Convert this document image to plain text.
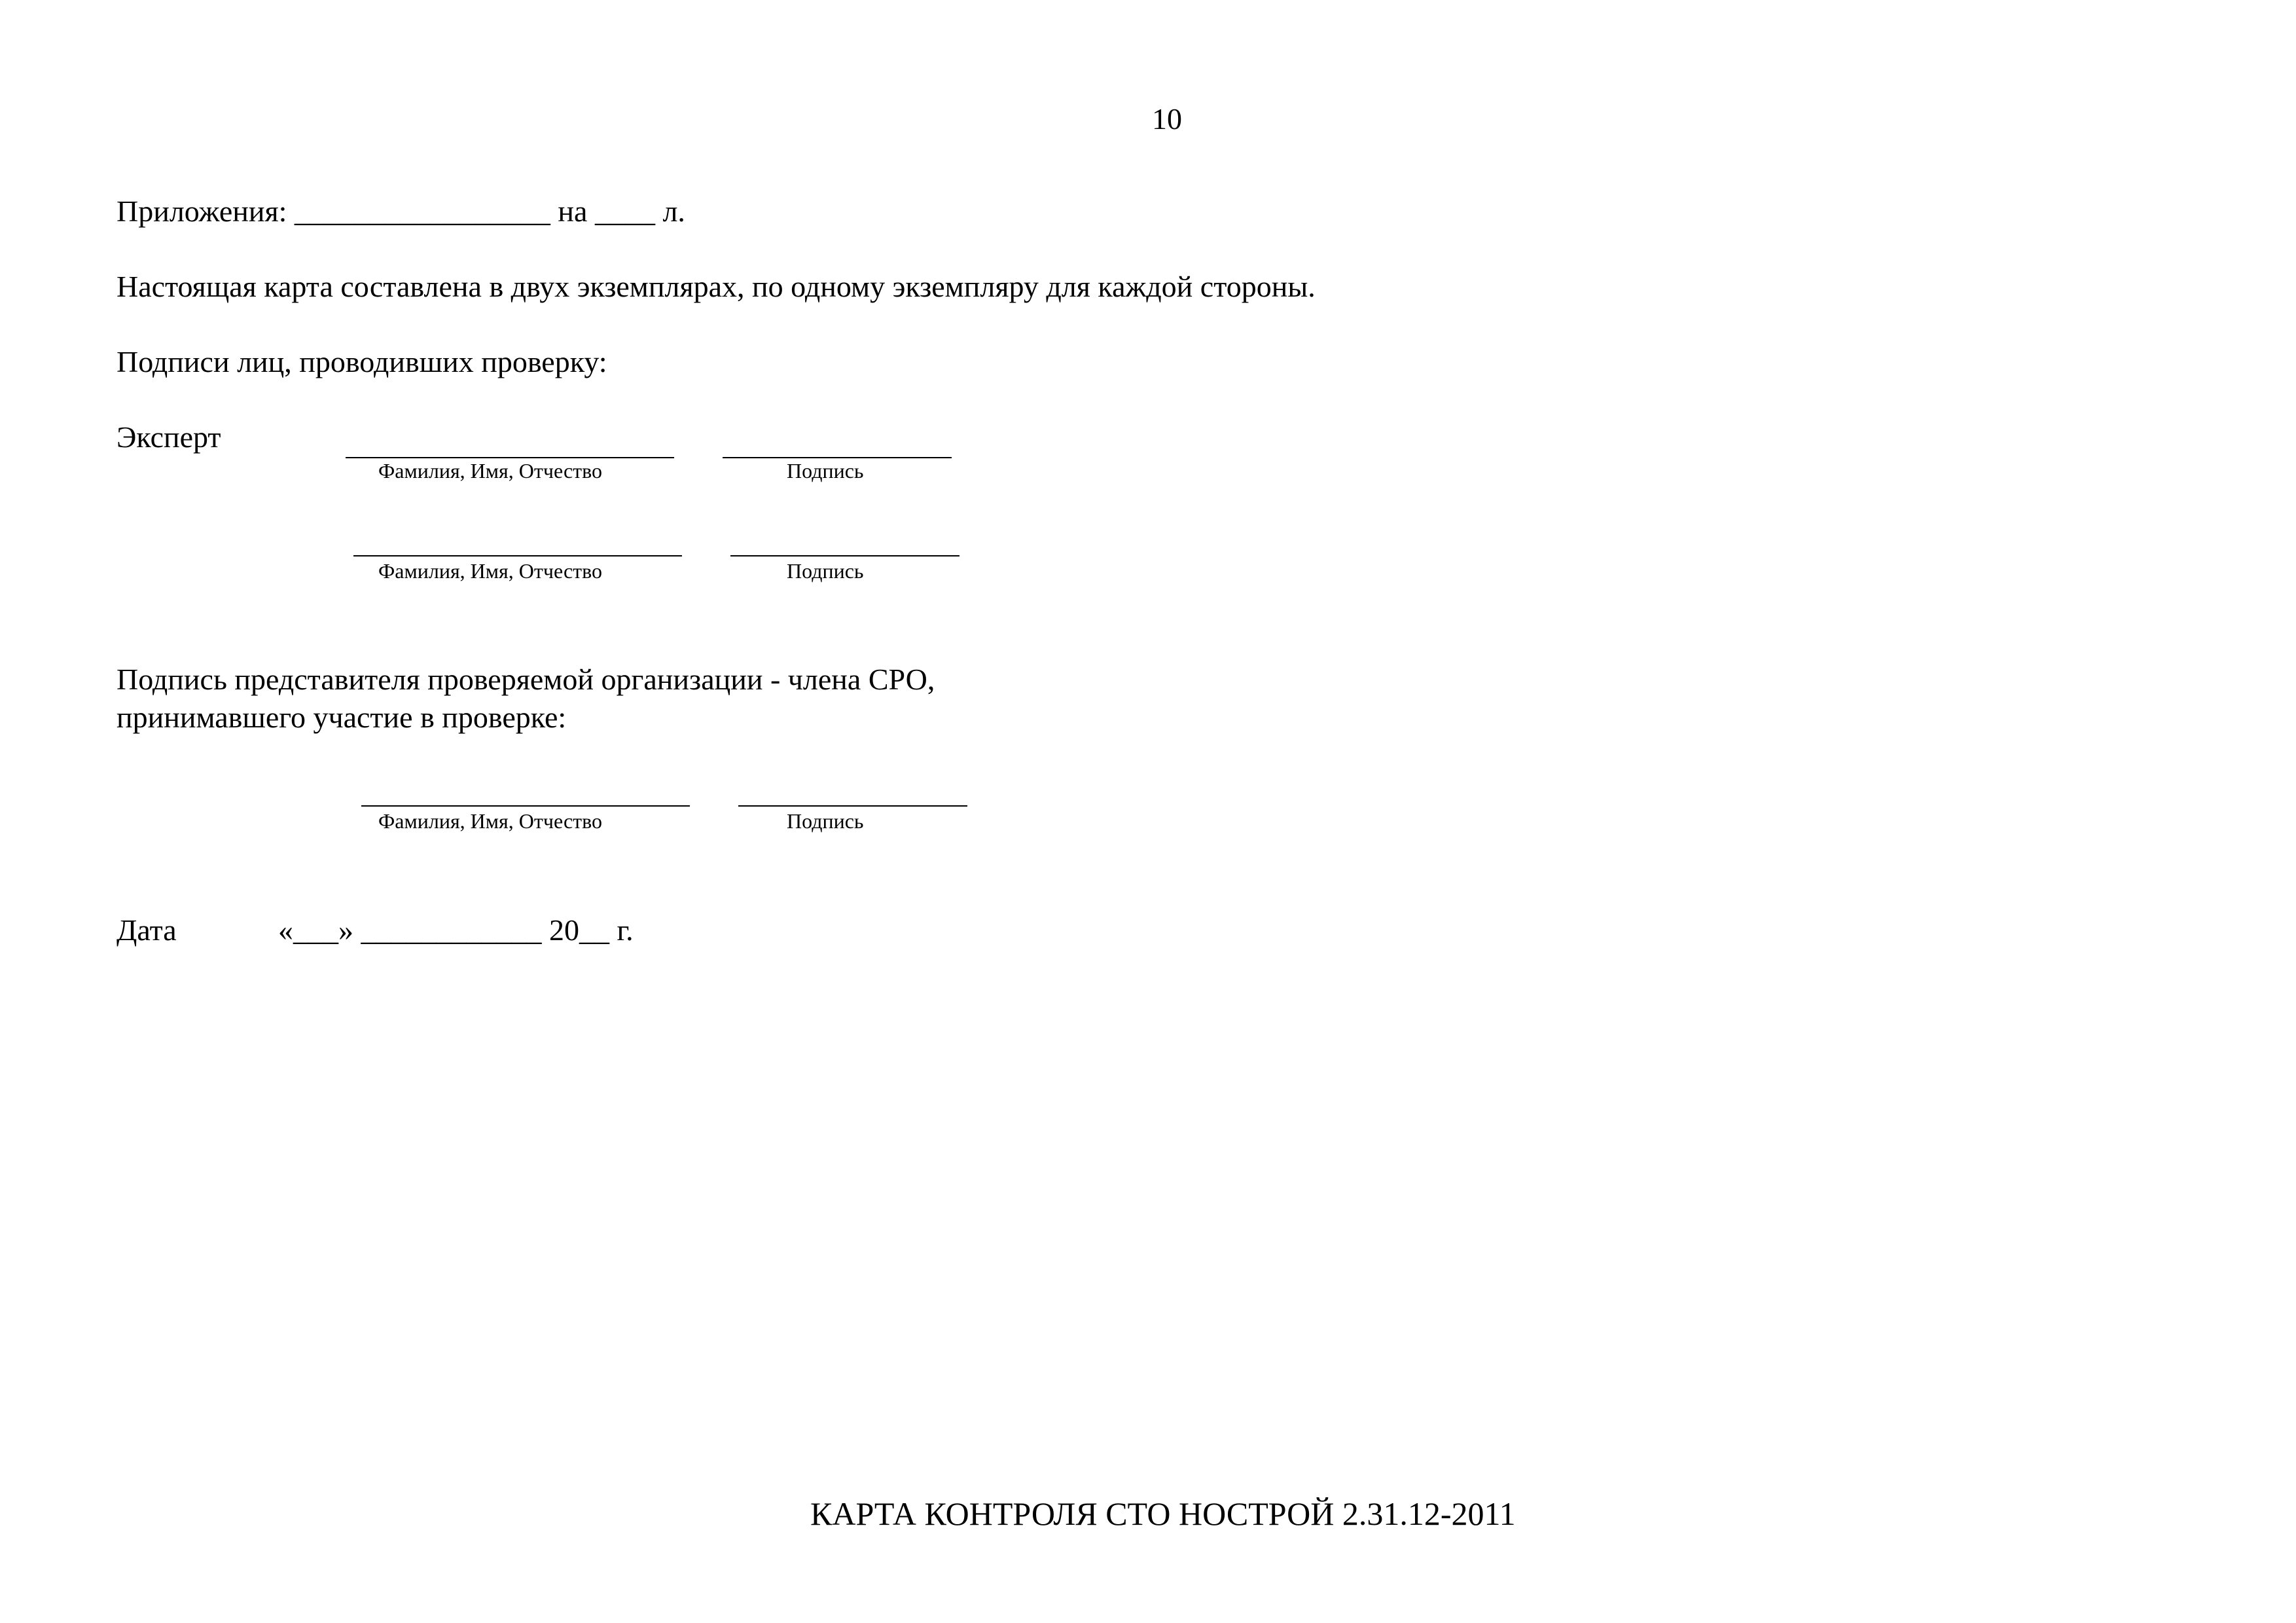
10
Приложения: _________________ на ____ л.
Настоящая карта составлена в двух экземплярах, по одному экземпляру для каждой стороны.
Подписи лиц, проводивших проверку:
Эксперт
Фамилия, Имя, Отчество	Подпись
Фамилия, Имя, Отчество	Подпись
Подпись представителя проверяемой организации - члена СРО,
принимавшего участие в проверке:
Фамилия, Имя, Отчество	Подпись
Дата	«___» ____________ 20__ г.
КАРТА КОНТРОЛЯ СТО НОСТРОЙ 2.31.12-2011
